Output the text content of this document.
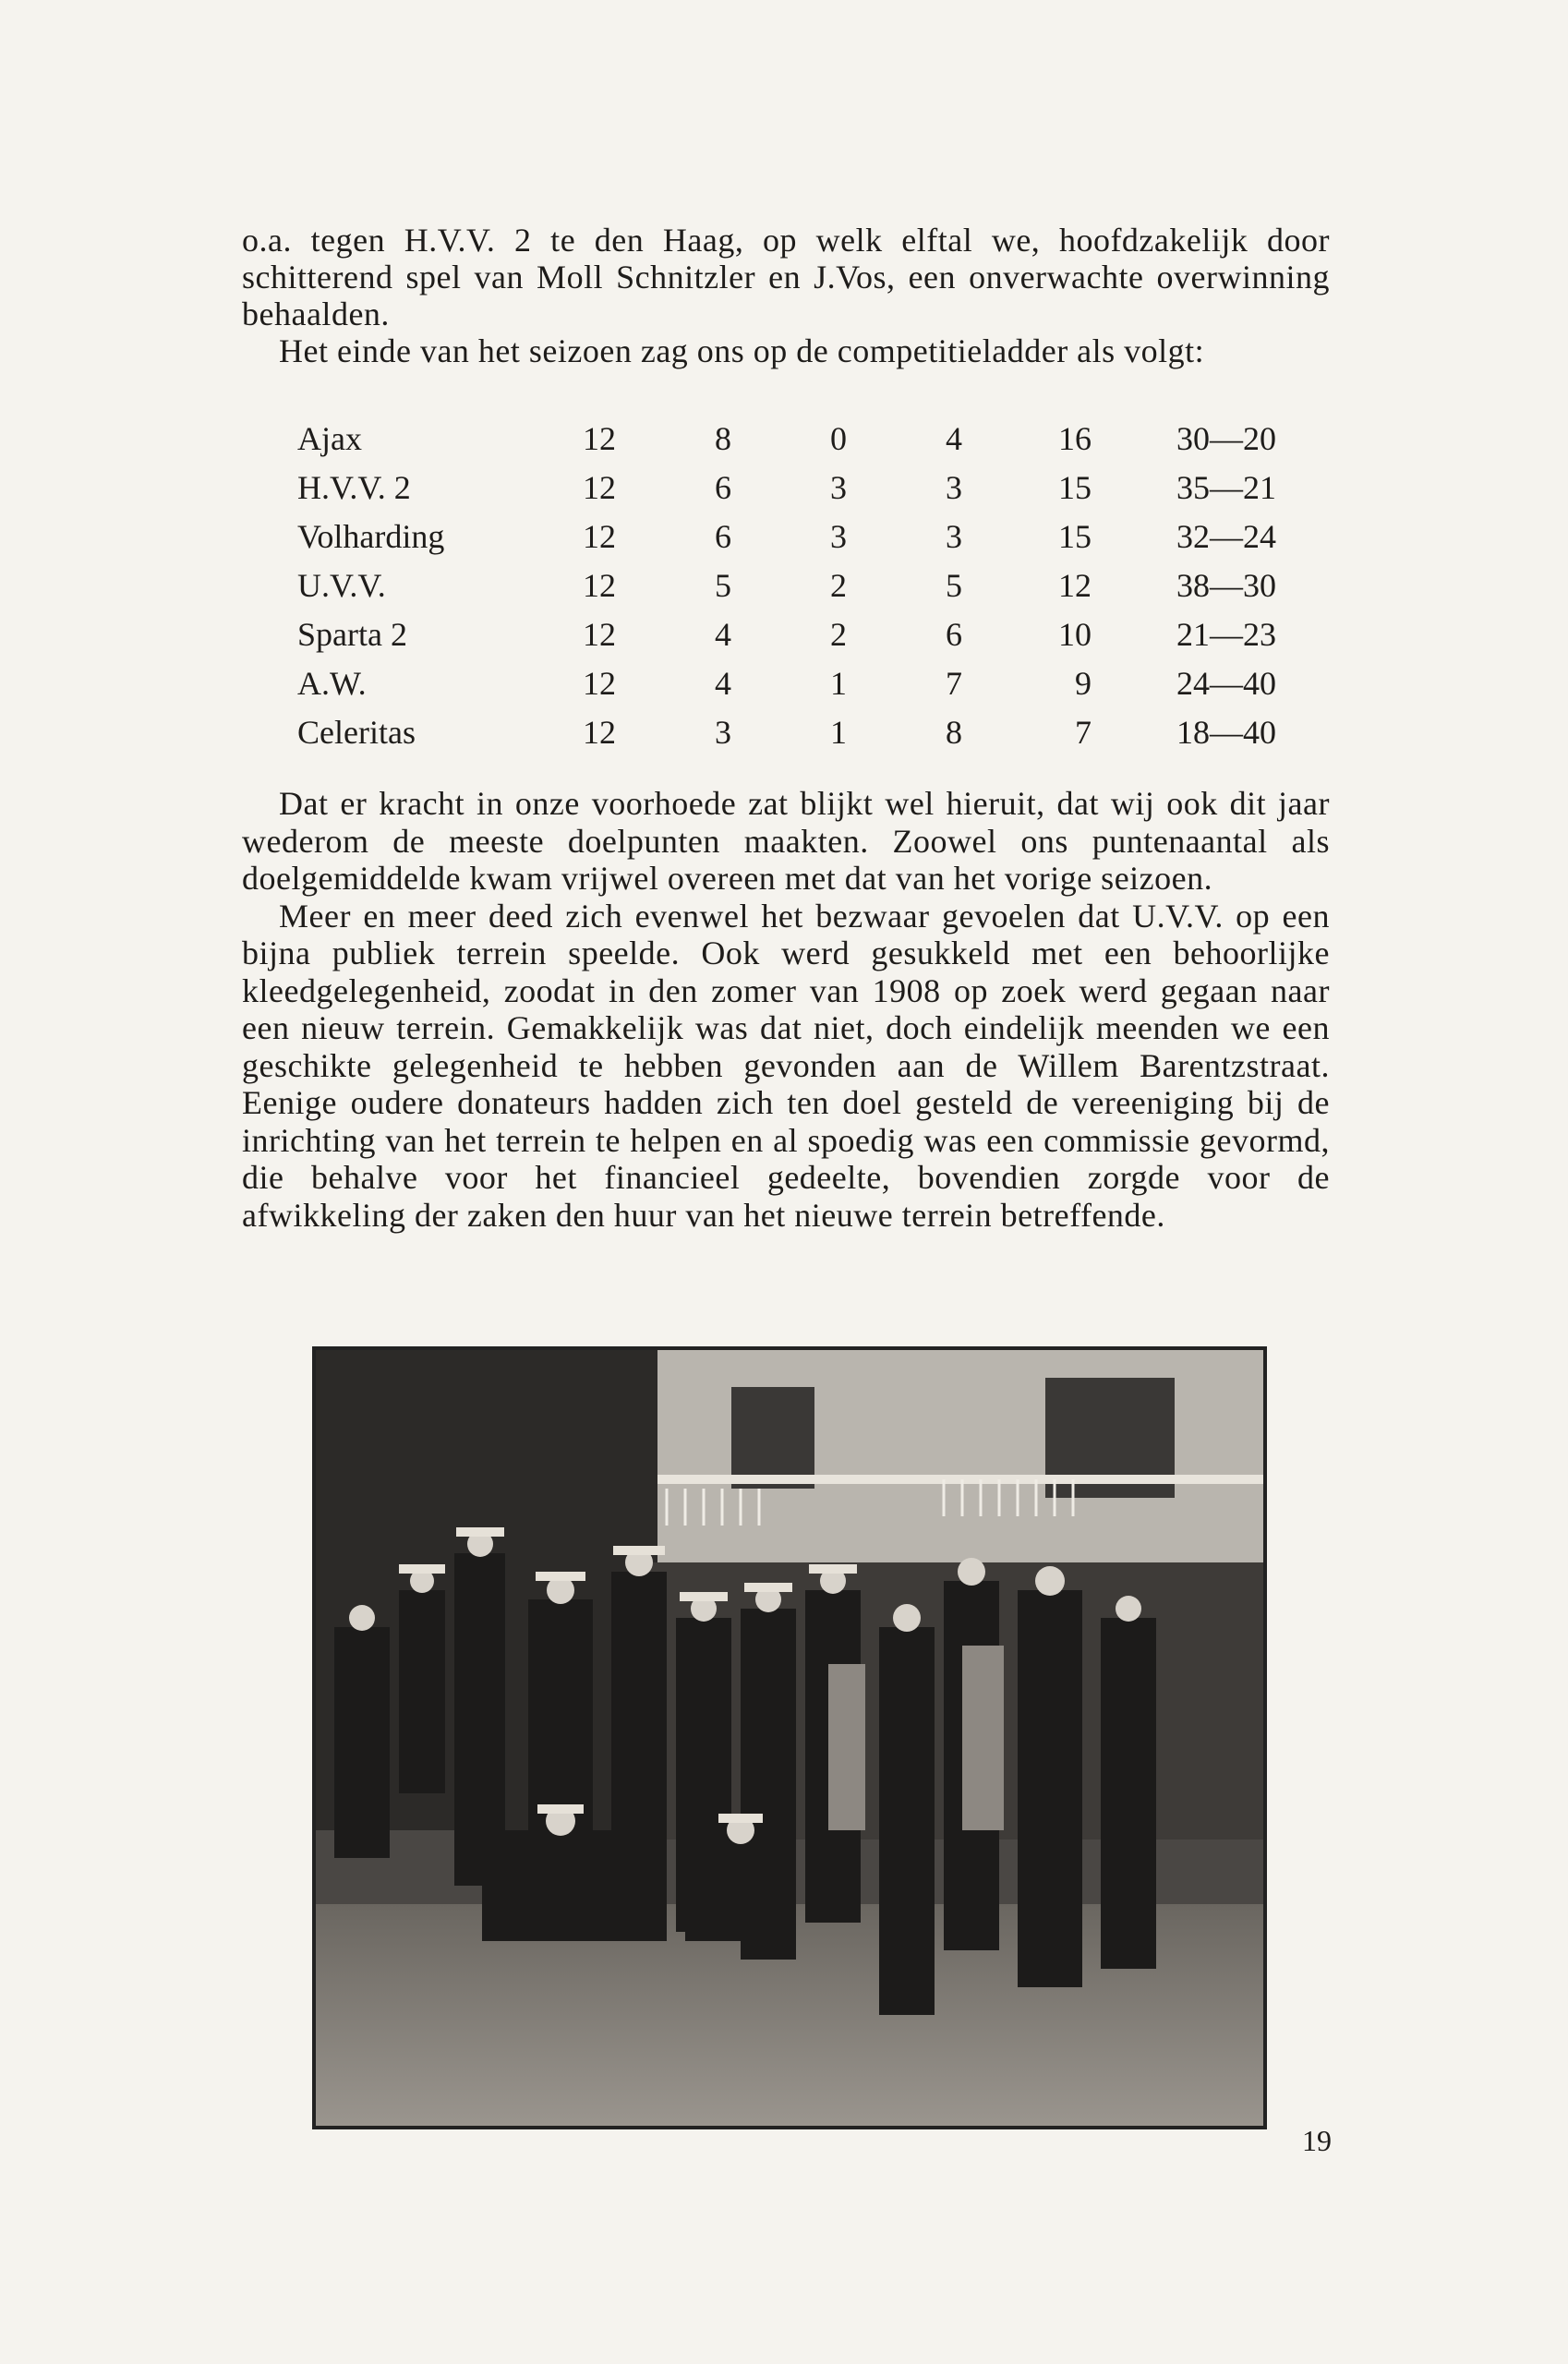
o.a. tegen H.V.V. 2 te den Haag, op welk elftal we, hoofdzakelijk door schitterend spel van Moll Schnitzler en J.Vos, een onverwachte overwinning behaalden.

Het einde van het seizoen zag ons op de competitieladder als volgt:

Ajax	12	8	0	4	16	30—20
H.V.V. 2	12	6	3	3	15	35—21
Volharding	12	6	3	3	15	32—24
U.V.V.	12	5	2	5	12	38—30
Sparta 2	12	4	2	6	10	21—23
A.W.	12	4	1	7	9	24—40
Celeritas	12	3	1	8	7	18—40

Dat er kracht in onze voorhoede zat blijkt wel hieruit, dat wij ook dit jaar wederom de meeste doelpunten maakten. Zoowel ons puntenaantal als doelgemiddelde kwam vrijwel overeen met dat van het vorige seizoen.

Meer en meer deed zich evenwel het bezwaar gevoelen dat U.V.V. op een bijna publiek terrein speelde. Ook werd gesukkeld met een behoorlijke kleedgelegenheid, zoodat in den zomer van 1908 op zoek werd gegaan naar een nieuw terrein. Gemakkelijk was dat niet, doch eindelijk meenden we een geschikte gelegenheid te hebben gevonden aan de Willem Barentzstraat. Eenige oudere donateurs hadden zich ten doel gesteld de vereeniging bij de inrichting van het terrein te helpen en al spoedig was een commissie gevormd, die behalve voor het financieel gedeelte, bovendien zorgde voor de afwikkeling der zaken den huur van het nieuwe terrein betreffende.

19
